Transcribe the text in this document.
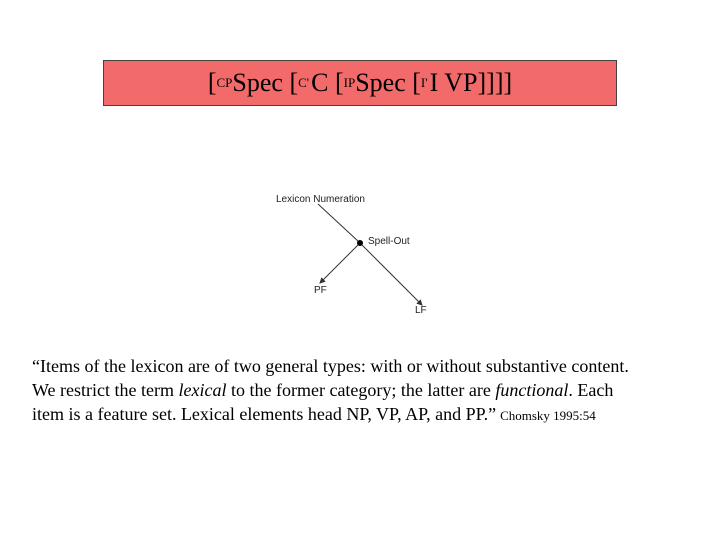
[ CP Spec [ C' C [ IP Spec [ I' I VP]]]]
Lexicon Numeration
Spell-Out
PF
LF
“Items of the lexicon are of two general types: with or without substantive content.
We restrict the term lexical to the former category; the latter are functional. Each
item is a feature set. Lexical elements head NP, VP, AP, and PP.” Chomsky 1995:54
